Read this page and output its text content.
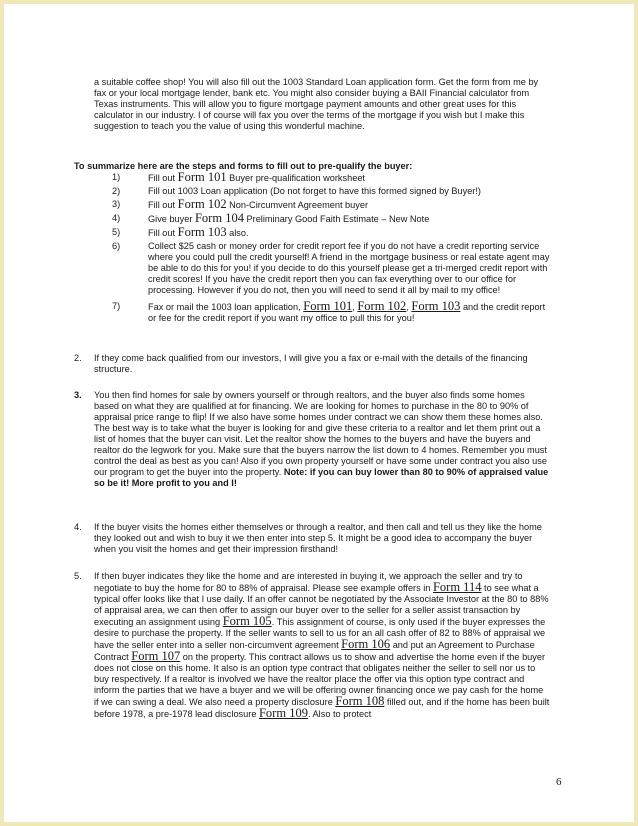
a suitable coffee shop! You will also fill out the 1003 Standard Loan application form. Get the form from me by fax or your local mortgage lender, bank etc. You might also consider buying a BAII Financial calculator from Texas instruments. This will allow you to figure mortgage payment amounts and other great uses for this calculator in our industry. I of course will fax you over the terms of the mortgage if you wish but I make this suggestion to teach you the value of using this wonderful machine.

To summarize here are the steps and forms to fill out to pre-qualify the buyer:

1)	Fill out Form 101 Buyer pre-qualification worksheet
2)	Fill out 1003 Loan application (Do not forget to have this formed signed by Buyer!)
3)	Fill out Form 102 Non-Circumvent Agreement buyer
4)	Give buyer Form 104 Preliminary Good Faith Estimate – New Note
5)	Fill out Form 103 also.
6)	Collect $25 cash or money order for credit report fee if you do not have a credit reporting service where you could pull the credit yourself! A friend in the mortgage business or real estate agent may be able to do this for you! if you decide to do this yourself please get a tri-merged credit report with credit scores! If you have the credit report then you can fax everything over to our office for processing. However if you do not, then you will need to send it all by mail to my office!
7)	Fax or mail the 1003 loan application, Form 101, Form 102, Form 103 and the credit report or fee for the credit report if you want my office to pull this for you!
2. If they come back qualified from our investors, I will give you a fax or e-mail with the details of the financing structure.

3. You then find homes for sale by owners yourself or through realtors, and the buyer also finds some homes based on what they are qualified at for financing. We are looking for homes to purchase in the 80 to 90% of appraisal price range to flip! If we also have some homes under contract we can show them these homes also. The best way is to take what the buyer is looking for and give these criteria to a realtor and let them print out a list of homes that the buyer can visit. Let the realtor show the homes to the buyers and have the buyers and realtor do the legwork for you. Make sure that the buyers narrow the list down to 4 homes. Remember you must control the deal as best as you can! Also if you own property yourself or have some under contract you also use our program to get the buyer into the property. Note: if you can buy lower than 80 to 90% of appraised value so be it! More profit to you and I!

4. If the buyer visits the homes either themselves or through a realtor, and then call and tell us they like the home they looked out and wish to buy it we then enter into step 5. It might be a good idea to accompany the buyer when you visit the homes and get their impression firsthand!

5. If then buyer indicates they like the home and are interested in buying it, we approach the seller and try to negotiate to buy the home for 80 to 88% of appraisal. Please see example offers in Form 114 to see what a typical offer looks like that I use daily. If an offer cannot be negotiated by the Associate Investor at the 80 to 88% of appraisal area, we can then offer to assign our buyer over to the seller for a seller assist transaction by executing an assignment using Form 105. This assignment of course, is only used if the buyer expresses the desire to purchase the property. If the seller wants to sell to us for an all cash offer of 82 to 88% of appraisal we have the seller enter into a seller non-circumvent agreement Form 106 and put an Agreement to Purchase Contract Form 107 on the property. This contract allows us to show and advertise the home even if the buyer does not close on this home. It also is an option type contract that obligates neither the seller to sell nor us to buy respectively. If a realtor is involved we have the realtor place the offer via this option type contract and inform the parties that we have a buyer and we will be offering owner financing once we pay cash for the home if we can swing a deal. We also need a property disclosure Form 108 filled out, and if the home has been built before 1978, a pre-1978 lead disclosure Form 109. Also to protect

6
